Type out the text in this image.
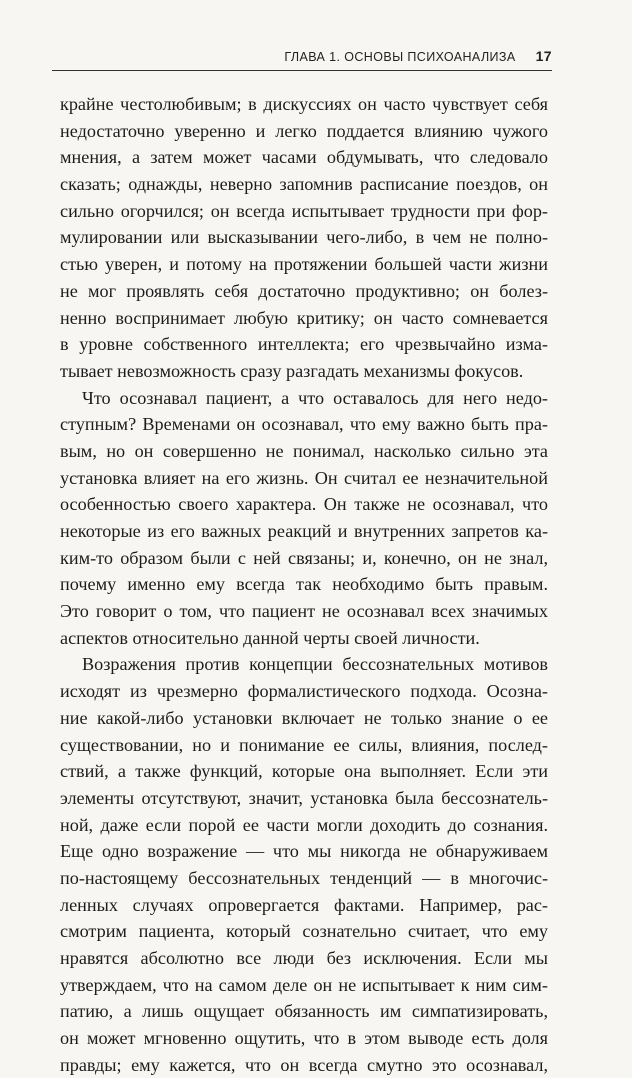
ГЛАВА 1. ОСНОВЫ ПСИХОАНАЛИЗА 17
крайне честолюбивым; в дискуссиях он часто чувствует себя
недостаточно уверенно и легко поддается влиянию чужого
мнения, а затем может часами обдумывать, что следовало
сказать; однажды, неверно запомнив расписание поездов, он
сильно огорчился; он всегда испытывает трудности при фор-
мулировании или высказывании чего-либо, в чем не полно-
стью уверен, и потому на протяжении большей части жизни
не мог проявлять себя достаточно продуктивно; он болез-
ненно воспринимает любую критику; он часто сомневается
в уровне собственного интеллекта; его чрезвычайно изма-
тывает невозможность сразу разгадать механизмы фокусов.
Что осознавал пациент, а что оставалось для него недо-
ступным? Временами он осознавал, что ему важно быть пра-
вым, но он совершенно не понимал, насколько сильно эта
установка влияет на его жизнь. Он считал ее незначительной
особенностью своего характера. Он также не осознавал, что
некоторые из его важных реакций и внутренних запретов ка-
ким-то образом были с ней связаны; и, конечно, он не знал,
почему именно ему всегда так необходимо быть правым.
Это говорит о том, что пациент не осознавал всех значимых
аспектов относительно данной черты своей личности.
Возражения против концепции бессознательных мотивов
исходят из чрезмерно формалистического подхода. Осозна-
ние какой-либо установки включает не только знание о ее
существовании, но и понимание ее силы, влияния, послед-
ствий, а также функций, которые она выполняет. Если эти
элементы отсутствуют, значит, установка была бессознатель-
ной, даже если порой ее части могли доходить до сознания.
Еще одно возражение — что мы никогда не обнаруживаем
по-настоящему бессознательных тенденций — в многочис-
ленных случаях опровергается фактами. Например, рас-
смотрим пациента, который сознательно считает, что ему
нравятся абсолютно все люди без исключения. Если мы
утверждаем, что на самом деле он не испытывает к ним сим-
патию, а лишь ощущает обязанность им симпатизировать,
он может мгновенно ощутить, что в этом выводе есть доля
правды; ему кажется, что он всегда смутно это осознавал,
